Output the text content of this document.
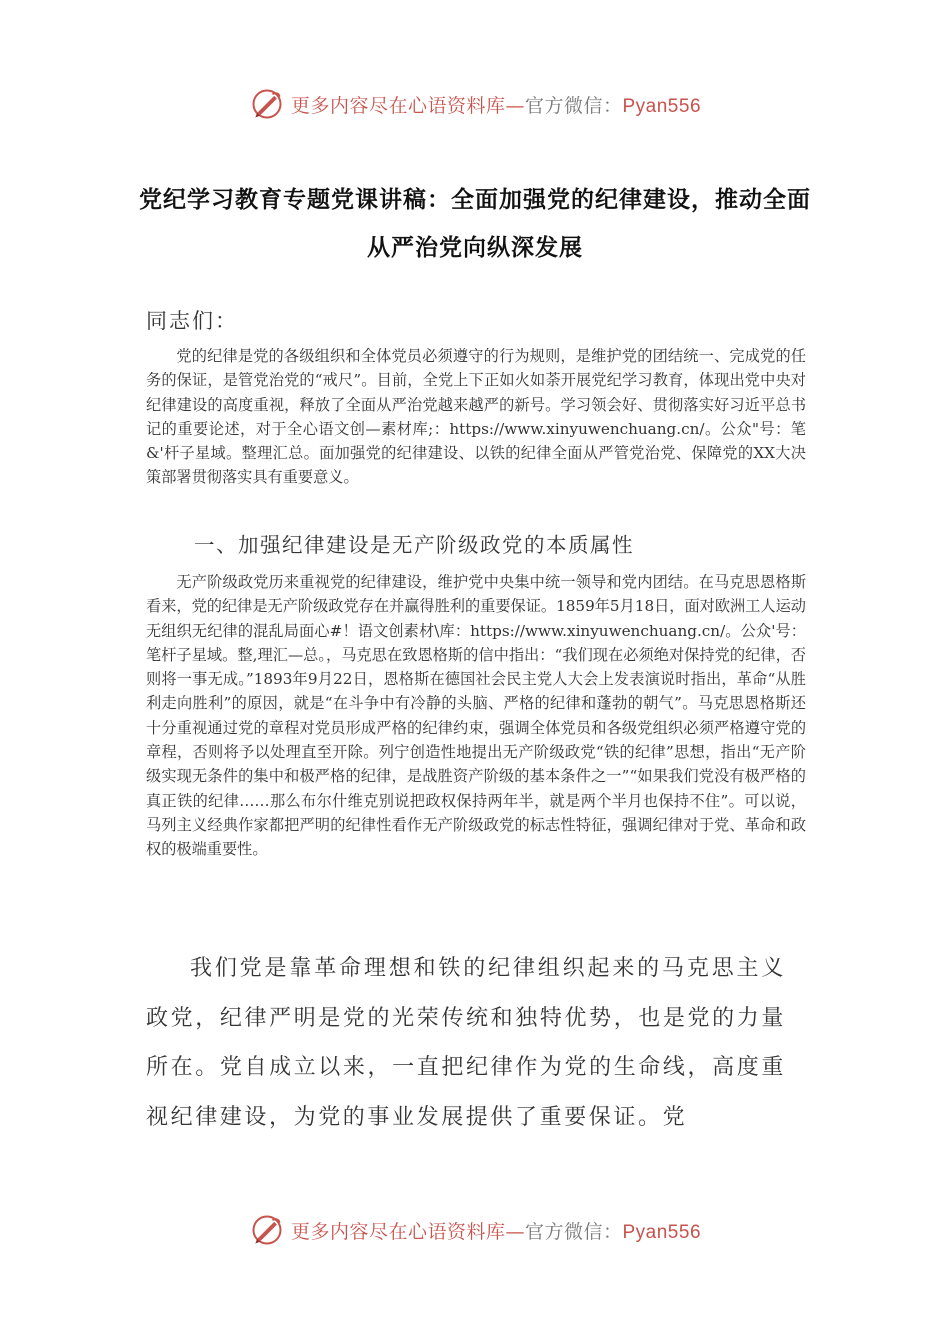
更多内容尽在心语资料库—官方微信：Pyan556
党纪学习教育专题党课讲稿：全面加强党的纪律建设，推动全面从严治党向纵深发展
同志们：
党的纪律是党的各级组织和全体党员必须遵守的行为规则，是维护党的团结统一、完成党的任务的保证，是管党治党的“戒尺”。目前，全党上下正如火如荼开展党纪学习教育，体现出党中央对纪律建设的高度重视，释放了全面从严治党越来越严的新号。学习领会好、贯彻落实好习近平总书记的重要论述，对于全心语文创—素材库;：https://www.xinyuwenchuang.cn/。公众"号：笔&'杆子星域。整理汇总。面加强党的纪律建设、以铁的纪律全面从严管党治党、保障党的XX大决策部署贯彻落实具有重要意义。
一、加强纪律建设是无产阶级政党的本质属性
无产阶级政党历来重视党的纪律建设，维护党中央集中统一领导和党内团结。在马克思恩格斯看来，党的纪律是无产阶级政党存在并赢得胜利的重要保证。1859年5月18日，面对欧洲工人运动无组织无纪律的混乱局面心#！语文创素材\库：https://www.xinyuwenchuang.cn/。公众'号：笔杆子星域。整,理汇—总。，马克思在致恩格斯的信中指出：“我们现在必须绝对保持党的纪律，否则将一事无成。”1893年9月22日，恩格斯在德国社会民主党人大会上发表演说时指出，革命“从胜利走向胜利”的原因，就是“在斗争中有冷静的头脑、严格的纪律和蓬勃的朝气”。马克思恩格斯还十分重视通过党的章程对党员形成严格的纪律约束，强调全体党员和各级党组织必须严格遵守党的章程，否则将予以处理直至开除。列宁创造性地提出无产阶级政党“铁的纪律”思想，指出“无产阶级实现无条件的集中和极严格的纪律，是战胜资产阶级的基本条件之一”“如果我们党没有极严格的真正铁的纪律……那么布尔什维克别说把政权保持两年半，就是两个半月也保持不住”。可以说，马列主义经典作家都把严明的纪律性看作无产阶级政党的标志性特征，强调纪律对于党、革命和政权的极端重要性。
我们党是靠革命理想和铁的纪律组织起来的马克思主义政党，纪律严明是党的光荣传统和独特优势，也是党的力量所在。党自成立以来，一直把纪律作为党的生命线，高度重视纪律建设，为党的事业发展提供了重要保证。党
更多内容尽在心语资料库—官方微信：Pyan556
